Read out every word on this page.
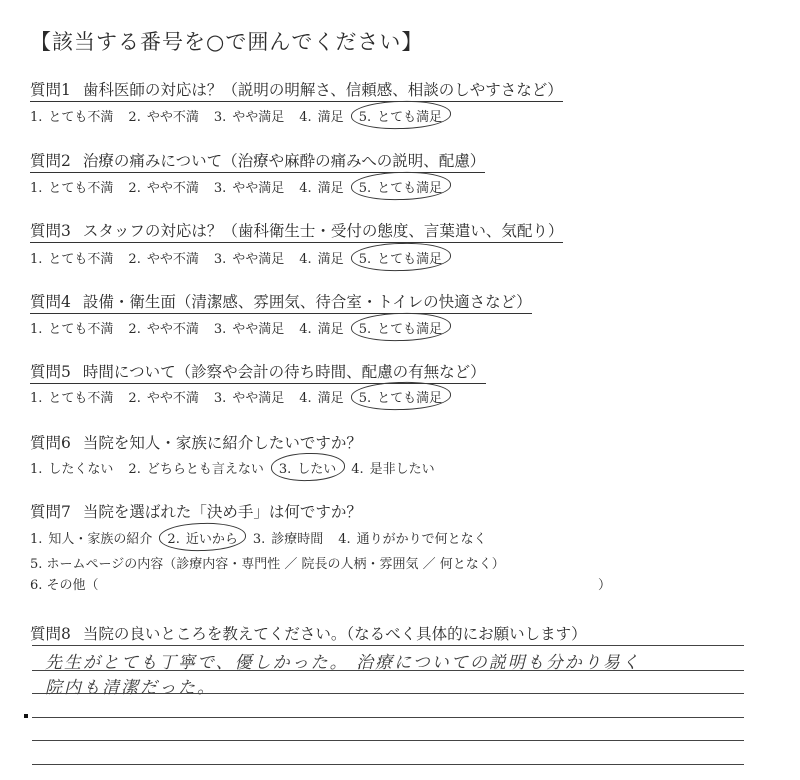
【該当する番号を○で囲んでください】
質問1 歯科医師の対応は？（説明の明解さ、信頼感、相談のしやすさなど）
1. とても不満 2. やや不満 3. やや満足 4. 満足 5. とても満足
質問2 治療の痛みについて（治療や麻酔の痛みへの説明、配慮）
1. とても不満 2. やや不満 3. やや満足 4. 満足 5. とても満足
質問3 スタッフの対応は？（歯科衛生士・受付の態度、言葉遣い、気配り）
1. とても不満 2. やや不満 3. やや満足 4. 満足 5. とても満足
質問4 設備・衛生面（清潔感、雰囲気、待合室・トイレの快適さなど）
1. とても不満 2. やや不満 3. やや満足 4. 満足 5. とても満足
質問5 時間について（診察や会計の待ち時間、配慮の有無など）
1. とても不満 2. やや不満 3. やや満足 4. 満足 5. とても満足
質問6 当院を知人・家族に紹介したいですか？
1. したくない 2. どちらとも言えない 3. したい 4. 是非したい
質問7 当院を選ばれた「決め手」は何ですか？
1. 知人・家族の紹介 2. 近いから 3. 診療時間 4. 通りがかりで何となく
5. ホームページの内容（診療内容・専門性 ／ 院長の人柄・雰囲気 ／ 何となく）
6. その他（	）
質問8 当院の良いところを教えてください。（なるべく具体的にお願いします）
先生がとても丁寧で、優しかった。 治療についての説明も分かり易く
院内も清潔だった。
